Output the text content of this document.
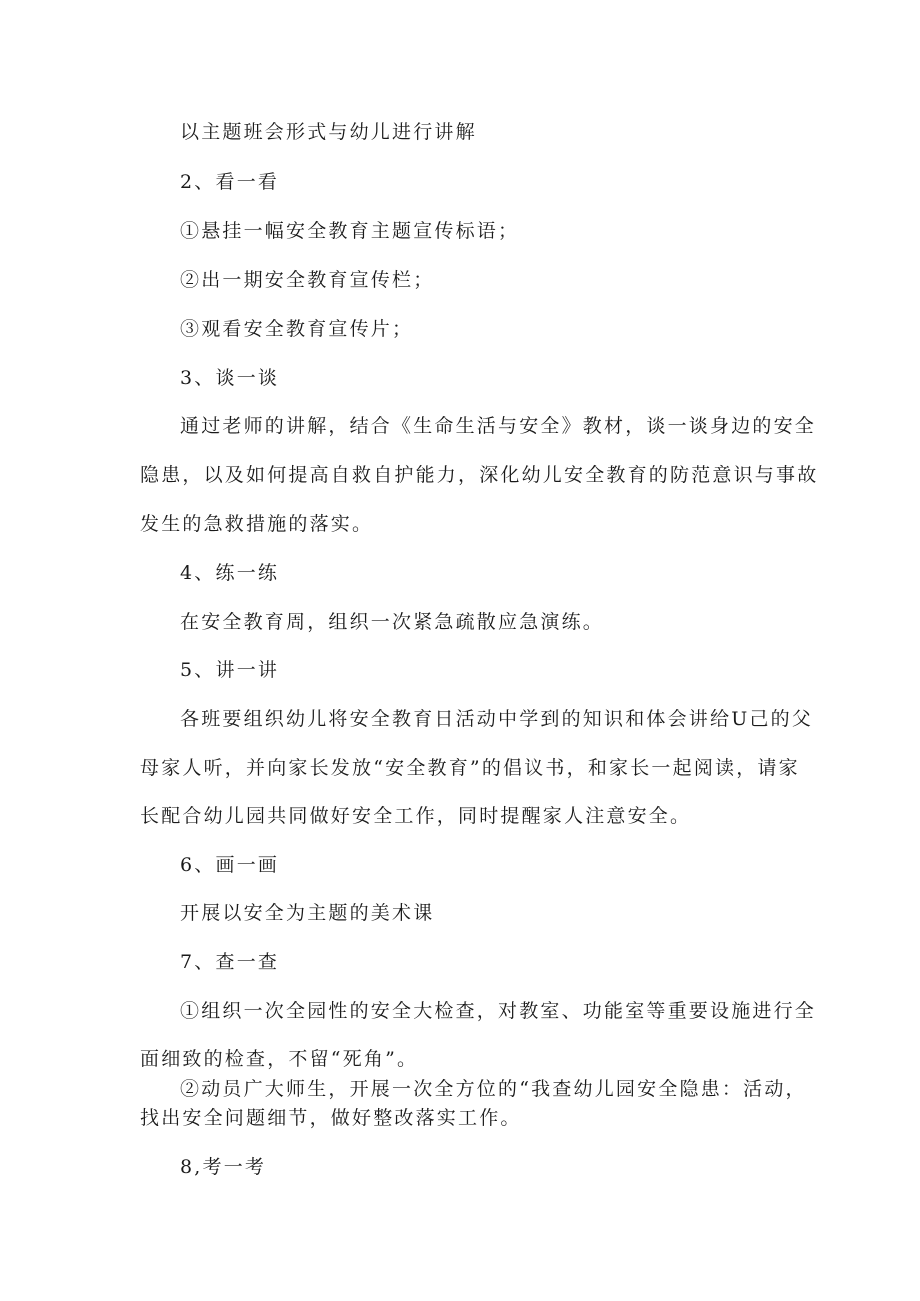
以主题班会形式与幼儿进行讲解
2、看一看
①悬挂一幅安全教育主题宣传标语；
②出一期安全教育宣传栏；
③观看安全教育宣传片；
3、谈一谈
通过老师的讲解，结合《生命生活与安全》教材，谈一谈身边的安全
隐患，以及如何提高自救自护能力，深化幼儿安全教育的防范意识与事故
发生的急救措施的落实。
4、练一练
在安全教育周，组织一次紧急疏散应急演练。
5、讲一讲
各班要组织幼儿将安全教育日活动中学到的知识和体会讲给U己的父
母家人听，并向家长发放“安全教育”的倡议书，和家长一起阅读，请家
长配合幼儿园共同做好安全工作，同时提醒家人注意安全。
6、画一画
开展以安全为主题的美术课
7、查一查
①组织一次全园性的安全大检查，对教室、功能室等重要设施进行全
面细致的检查，不留“死角”。
②动员广大师生，开展一次全方位的“我查幼儿园安全隐患：活动，
找出安全问题细节，做好整改落实工作。
8,考一考
